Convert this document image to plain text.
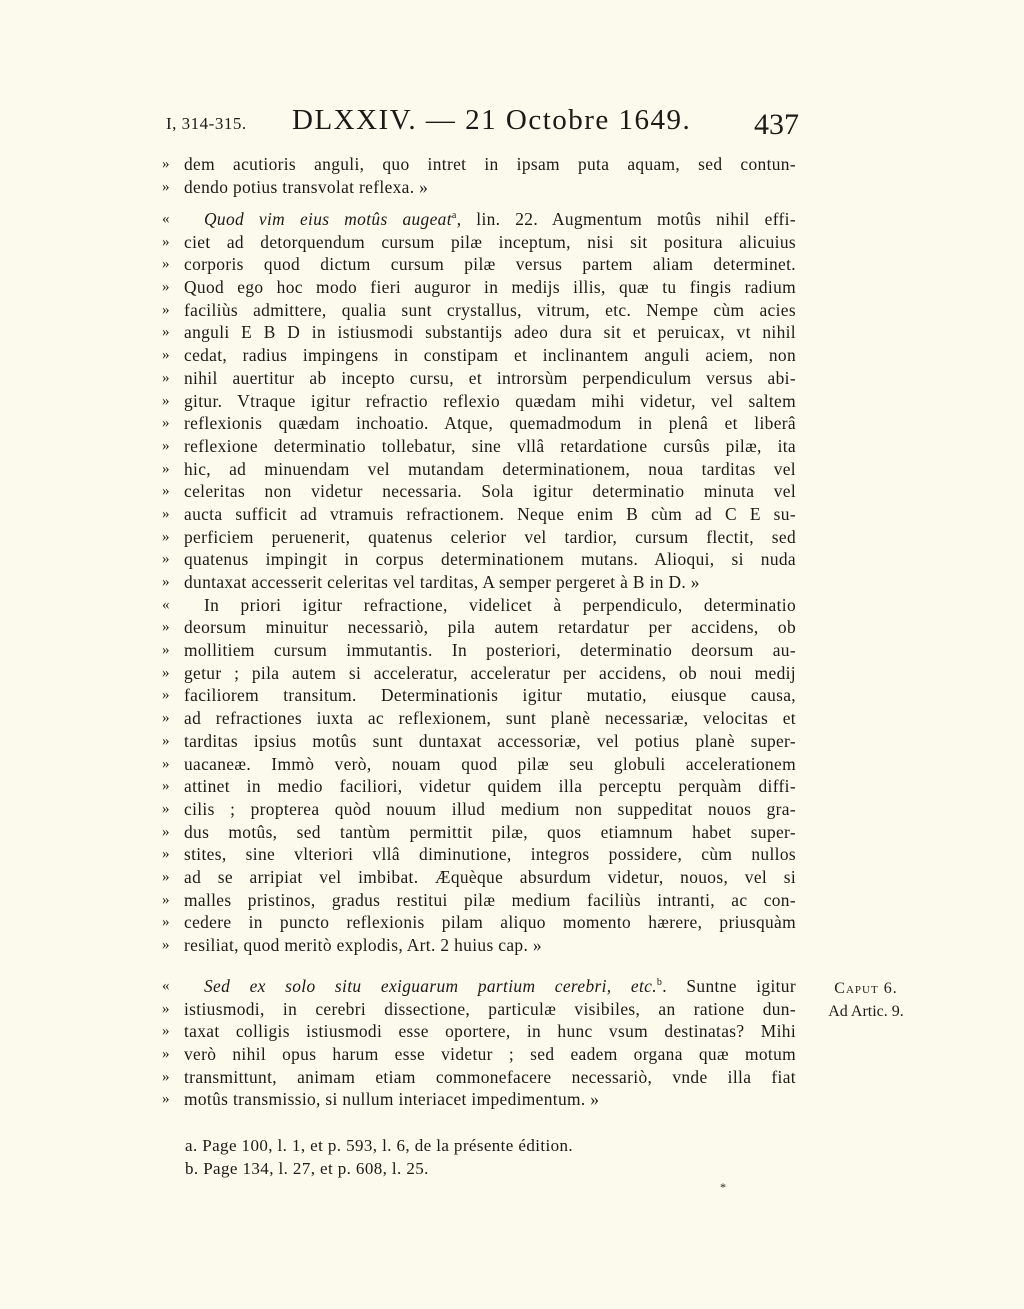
I, 314-315. DLXXIV. — 21 Octobre 1649. 437
» dem acutioris anguli, quo intret in ipsam puta aquam, sed contun-
» dendo potius transvolat reflexa. »
«	Quod vim eius motûs augeat$^a$, lin. 22. Augmentum motûs nihil effi-
» ciet ad detorquendum cursum pilæ inceptum, nisi sit positura alicuius
» corporis quod dictum cursum pilæ versus partem aliam determinet.
» Quod ego hoc modo fieri auguror in medijs illis, quæ tu fingis radium
» faciliùs admittere, qualia sunt crystallus, vitrum, etc. Nempe cùm acies
» anguli E B D in istiusmodi substantijs adeo dura sit et peruicax, vt nihil
» cedat, radius impingens in constipam et inclinantem anguli aciem, non
» nihil auertitur ab incepto cursu, et introrsùm perpendiculum versus abi-
» gitur. Vtraque igitur refractio reflexio quædam mihi videtur, vel saltem
» reflexionis quædam inchoatio. Atque, quemadmodum in plenâ et liberâ
» reflexione determinatio tollebatur, sine vllâ retardatione cursûs pilæ, ita
» hic, ad minuendam vel mutandam determinationem, noua tarditas vel
» celeritas non videtur necessaria. Sola igitur determinatio minuta vel
» aucta sufficit ad vtramuis refractionem. Neque enim B cùm ad C E su-
» perficiem peruenerit, quatenus celerior vel tardior, cursum flectit, sed
» quatenus impingit in corpus determinationem mutans. Alioqui, si nuda
» duntaxat accesserit celeritas vel tarditas, A semper pergeret à B in D. »
«	In priori igitur refractione, videlicet à perpendiculo, determinatio
» deorsum minuitur necessariò, pila autem retardatur per accidens, ob
» mollitiem cursum immutantis. In posteriori, determinatio deorsum au-
» getur ; pila autem si acceleratur, acceleratur per accidens, ob noui medij
» faciliorem transitum. Determinationis igitur mutatio, eiusque causa,
» ad refractiones iuxta ac reflexionem, sunt planè necessariæ, velocitas et
» tarditas ipsius motûs sunt duntaxat accessoriæ, vel potius planè super-
» uacaneæ. Immò verò, nouam quod pilæ seu globuli accelerationem
» attinet in medio faciliori, videtur quidem illa perceptu perquàm diffi-
» cilis ; propterea quòd nouum illud medium non suppeditat nouos gra-
» dus motûs, sed tantùm permittit pilæ, quos etiamnum habet super-
» stites, sine vlteriori vllâ diminutione, integros possidere, cùm nullos
» ad se arripiat vel imbibat. Æquèque absurdum videtur, nouos, vel si
» malles pristinos, gradus restitui pilæ medium faciliùs intranti, ac con-
» cedere in puncto reflexionis pilam aliquo momento hærere, priusquàm
» resiliat, quod meritò explodis, Art. 2 huius cap. »
«	Sed ex solo situ exiguarum partium cerebri, etc.$^b$. Suntne igitur
» istiusmodi, in cerebri dissectione, particulæ visibiles, an ratione dun-
» taxat colligis istiusmodi esse oportere, in hunc vsum destinatas? Mihi
» verò nihil opus harum esse videtur ; sed eadem organa quæ motum
» transmittunt, animam etiam commonefacere necessariò, vnde illa fiat
» motûs transmissio, si nullum interiacet impedimentum. »
Caput 6.
Ad Artic. 9.
a. Page 100, l. 1, et p. 593, l. 6, de la présente édition.
b. Page 134, l. 27, et p. 608, l. 25.
*
